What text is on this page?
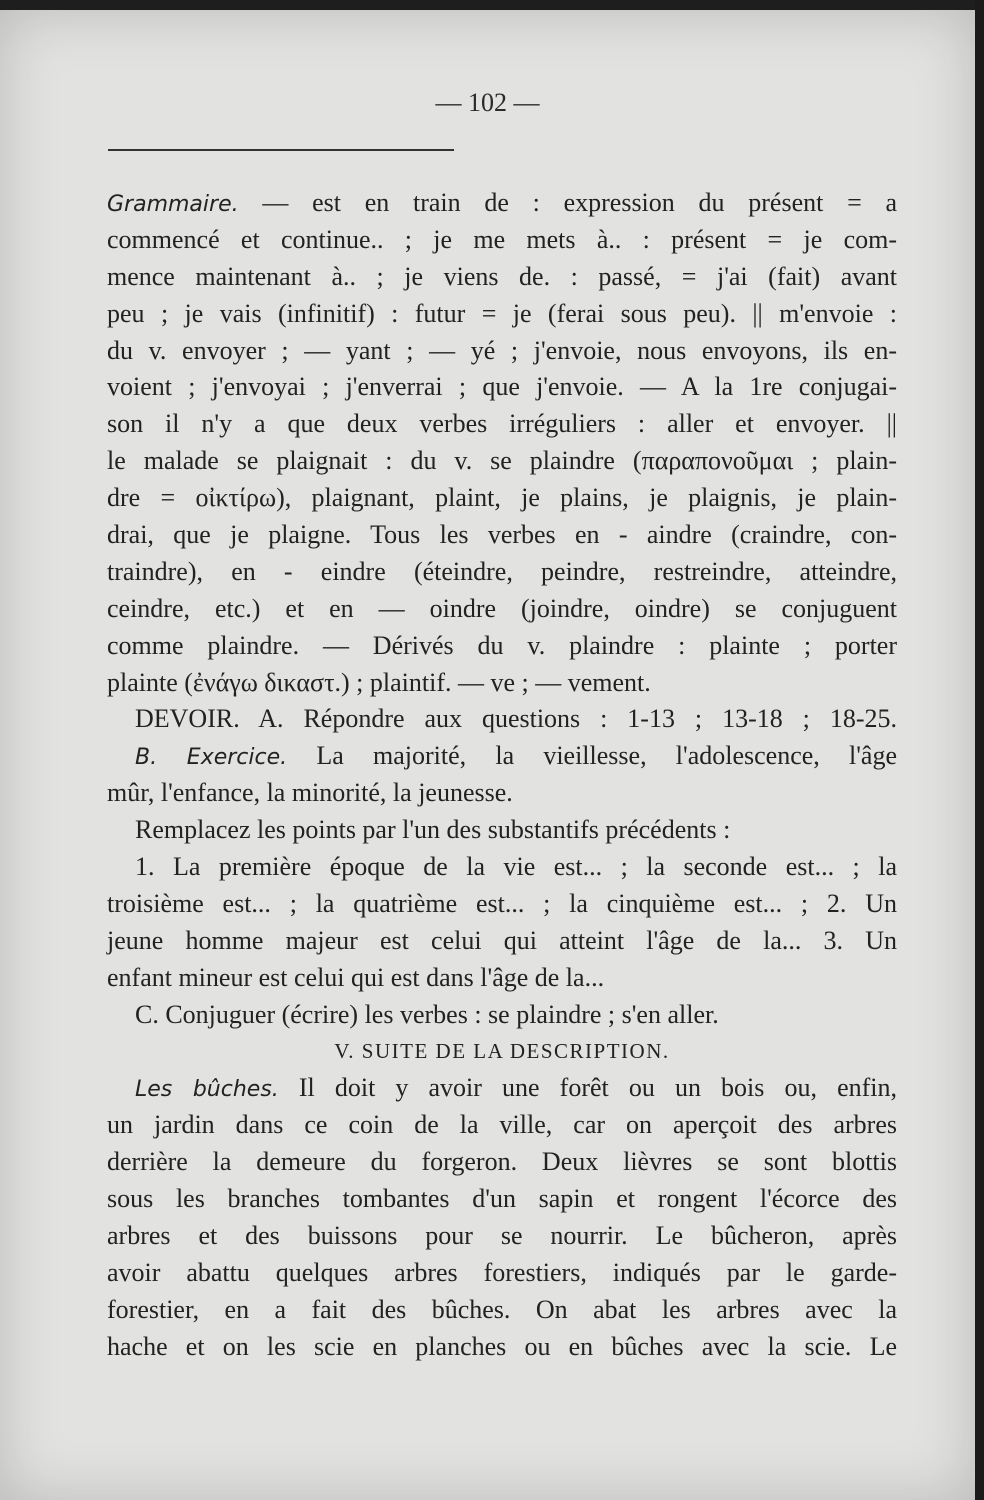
— 102 —
Grammaire. — est en train de : expression du présent = a
commencé et continue.. ; je me mets à.. : présent = je com-
mence maintenant à.. ; je viens de. : passé, = j'ai (fait) avant
peu ; je vais (infinitif) : futur = je (ferai sous peu). || m'envoie :
du v. envoyer ; — yant ; — yé ; j'envoie, nous envoyons, ils en-
voient ; j'envoyai ; j'enverrai ; que j'envoie. — A la 1re conjugai-
son il n'y a que deux verbes irréguliers : aller et envoyer. ||
le malade se plaignait : du v. se plaindre (παραπονοῦμαι ; plain-
dre = οἰκτίρω), plaignant, plaint, je plains, je plaignis, je plain-
drai, que je plaigne. Tous les verbes en - aindre (craindre, con-
traindre), en - eindre (éteindre, peindre, restreindre, atteindre,
ceindre, etc.) et en — oindre (joindre, oindre) se conjuguent
comme plaindre. — Dérivés du v. plaindre : plainte ; porter
plainte (ἐνάγω δικαστ.) ; plaintif. — ve ; — vement.
DEVOIR. A. Répondre aux questions : 1-13 ; 13-18 ; 18-25.
B. Exercice. La majorité, la vieillesse, l'adolescence, l'âge
mûr, l'enfance, la minorité, la jeunesse.
Remplacez les points par l'un des substantifs précédents :
1. La première époque de la vie est... ; la seconde est... ; la
troisième est... ; la quatrième est... ; la cinquième est... ; 2. Un
jeune homme majeur est celui qui atteint l'âge de la... 3. Un
enfant mineur est celui qui est dans l'âge de la...
C. Conjuguer (écrire) les verbes : se plaindre ; s'en aller.
V. SUITE DE LA DESCRIPTION.
Les bûches. Il doit y avoir une forêt ou un bois ou, enfin,
un jardin dans ce coin de la ville, car on aperçoit des arbres
derrière la demeure du forgeron. Deux lièvres se sont blottis
sous les branches tombantes d'un sapin et rongent l'écorce des
arbres et des buissons pour se nourrir. Le bûcheron, après
avoir abattu quelques arbres forestiers, indiqués par le garde-
forestier, en a fait des bûches. On abat les arbres avec la
hache et on les scie en planches ou en bûches avec la scie. Le
